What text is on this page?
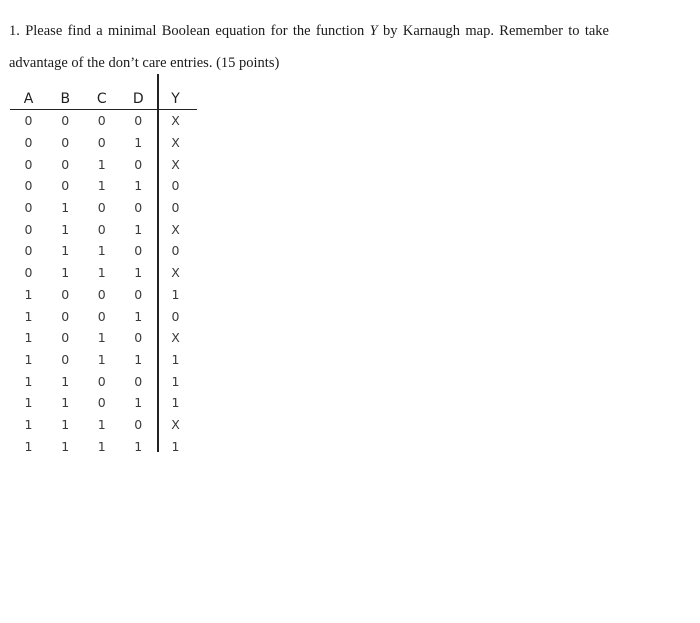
1. Please find a minimal Boolean equation for the function Y by Karnaugh map. Remember to take
advantage of the don’t care entries. (15 points)
A	B	C	D	Y
0	0	0	0	X
0	0	0	1	X
0	0	1	0	X
0	0	1	1	0
0	1	0	0	0
0	1	0	1	X
0	1	1	0	0
0	1	1	1	X
1	0	0	0	1
1	0	0	1	0
1	0	1	0	X
1	0	1	1	1
1	1	0	0	1
1	1	0	1	1
1	1	1	0	X
1	1	1	1	1
